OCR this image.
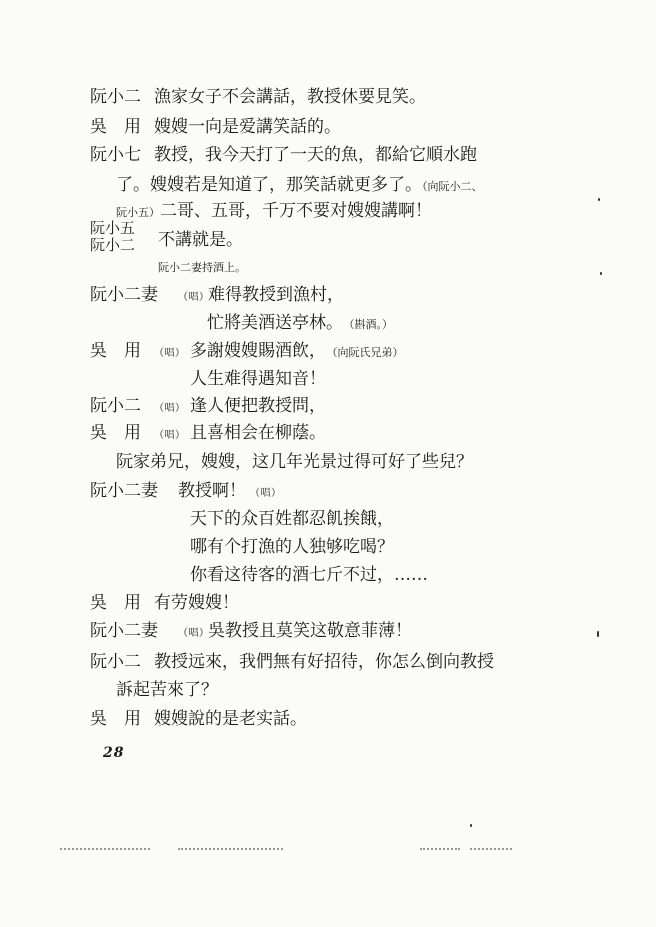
阮小二 漁家女子不会講話，教授休要見笑。
吳　用 嫂嫂一向是爱講笑話的。
阮小七 教授，我今天打了一天的魚，都給它順水跑
了。嫂嫂若是知道了，那笑話就更多了。（向阮小二、
阮小五）二哥、五哥，千万不要对嫂嫂講啊！
阮小五
阮小二	不講就是。
阮小二妻持酒上。
阮小二妻 （唱）难得教授到漁村，
忙將美酒送亭林。 （斟酒。）
吳　用 （唱） 多謝嫂嫂賜酒飲， （向阮氏兄弟）
人生难得遇知音！
阮小二 （唱） 逢人便把教授問，
吳　用 （唱） 且喜相会在柳蔭。
阮家弟兄，嫂嫂，这几年光景过得可好了些兒？
阮小二妻 教授啊！ （唱）
天下的众百姓都忍飢挨餓，
哪有个打漁的人独够吃喝？
你看这待客的酒七斤不过，……
吳　用 有劳嫂嫂！
阮小二妻 （唱）吳教授且莫笑这敬意菲薄！
阮小二 教授远來，我們無有好招待，你怎么倒向教授
訴起苦來了？
吳　用 嫂嫂說的是老实話。
28
